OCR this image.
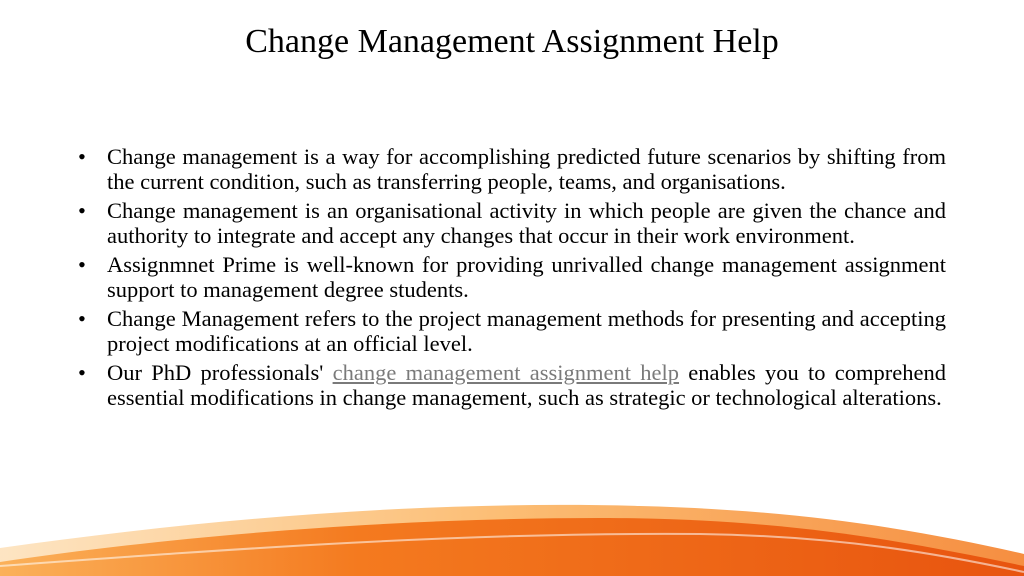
Change Management Assignment Help
• Change management is a way for accomplishing predicted future scenarios by shifting from the current condition, such as transferring people, teams, and organisations.
• Change management is an organisational activity in which people are given the chance and authority to integrate and accept any changes that occur in their work environment.
• Assignmnet Prime is well-known for providing unrivalled change management assignment support to management degree students.
• Change Management refers to the project management methods for presenting and accepting project modifications at an official level.
• Our PhD professionals' change management assignment help enables you to comprehend essential modifications in change management, such as strategic or technological alterations.
